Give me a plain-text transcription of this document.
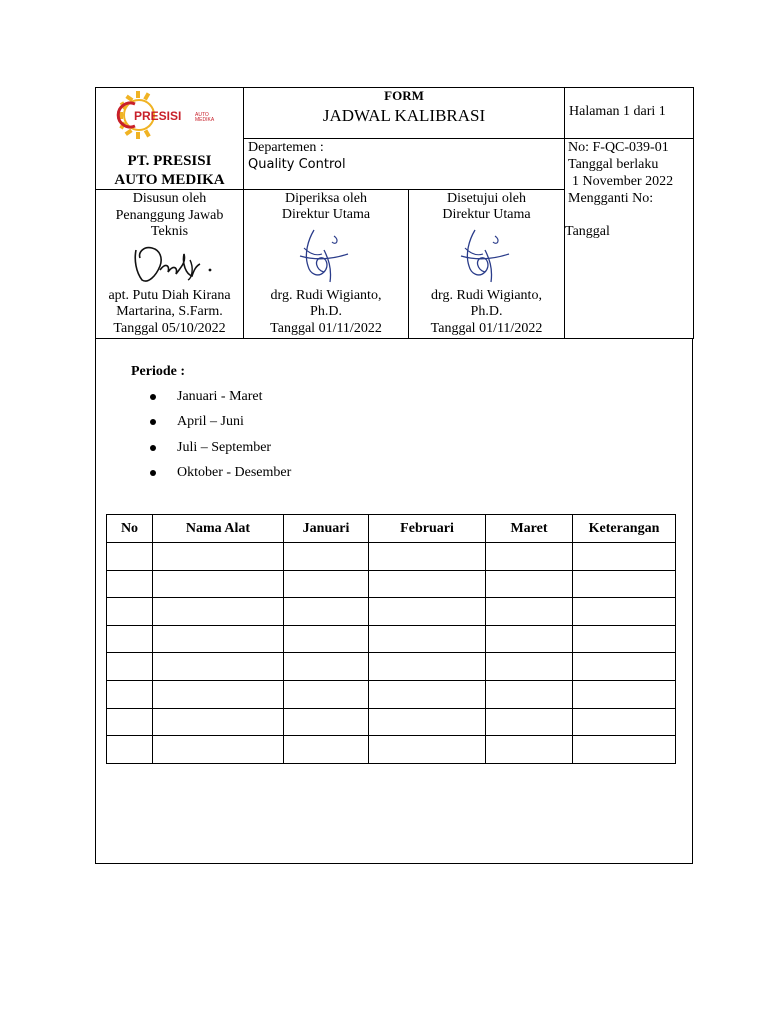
PRESISI	AUTO
MEDIKA
PT. PRESISI
AUTO MEDIKA
FORM
JADWAL KALIBRASI	Halaman 1 dari 1
Departemen :
Quality Control
No: F-QC-039-01
Tanggal berlaku
1 November 2022
Mengganti No:
Tanggal
Disusun oleh
Penanggung Jawab
Teknis
apt. Putu Diah Kirana
Martarina, S.Farm.
Tanggal 05/10/2022
Diperiksa oleh
Direktur Utama
drg. Rudi Wigianto,
Ph.D.
Tanggal 01/11/2022
Disetujui oleh
Direktur Utama
drg. Rudi Wigianto,
Ph.D.
Tanggal 01/11/2022
Periode :
Januari - Maret
April – Juni
Juli – September
Oktober - Desember
No	Nama Alat	Januari	Februari	Maret	Keterangan
